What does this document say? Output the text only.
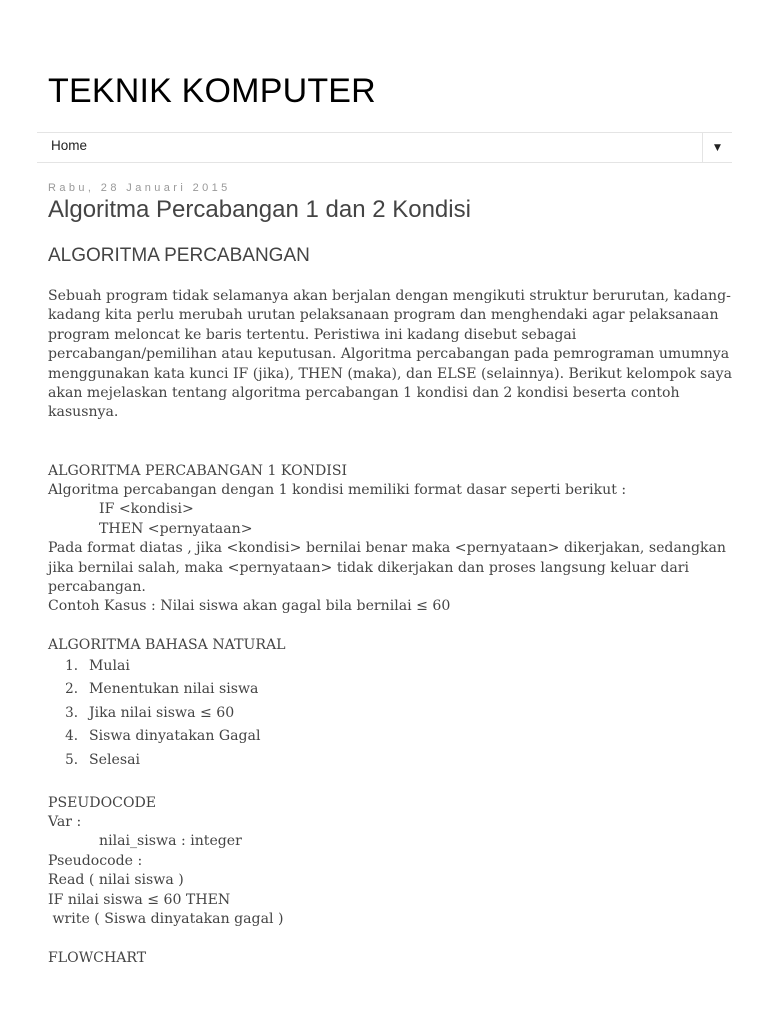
TEKNIK KOMPUTER
Home	▼
Rabu, 28 Januari 2015
Algoritma Percabangan 1 dan 2 Kondisi
ALGORITMA PERCABANGAN

Sebuah program tidak selamanya akan berjalan dengan mengikuti struktur berurutan, kadang-kadang kita perlu merubah urutan pelaksanaan program dan menghendaki agar pelaksanaan program meloncat ke baris tertentu. Peristiwa ini kadang disebut sebagai percabangan/pemilihan atau keputusan. Algoritma percabangan pada pemrograman umumnya menggunakan kata kunci IF (jika), THEN (maka), dan ELSE (selainnya). Berikut kelompok saya akan mejelaskan tentang algoritma percabangan 1 kondisi dan 2 kondisi beserta contoh kasusnya.

ALGORITMA PERCABANGAN 1 KONDISI

Algoritma percabangan dengan 1 kondisi memiliki format dasar seperti berikut :

IF <kondisi>

THEN <pernyataan>

Pada format diatas , jika <kondisi> bernilai benar maka <pernyataan> dikerjakan, sedangkan jika bernilai salah, maka <pernyataan> tidak dikerjakan dan proses langsung keluar dari percabangan.

Contoh Kasus : Nilai siswa akan gagal bila bernilai ≤ 60

ALGORITMA BAHASA NATURAL

1. Mulai
2. Menentukan nilai siswa
3. Jika nilai siswa ≤ 60
4. Siswa dinyatakan Gagal
5. Selesai

PSEUDOCODE

Var :

nilai_siswa : integer

Pseudocode :

Read ( nilai siswa )

IF nilai siswa ≤ 60 THEN

write ( Siswa dinyatakan gagal )

FLOWCHART
